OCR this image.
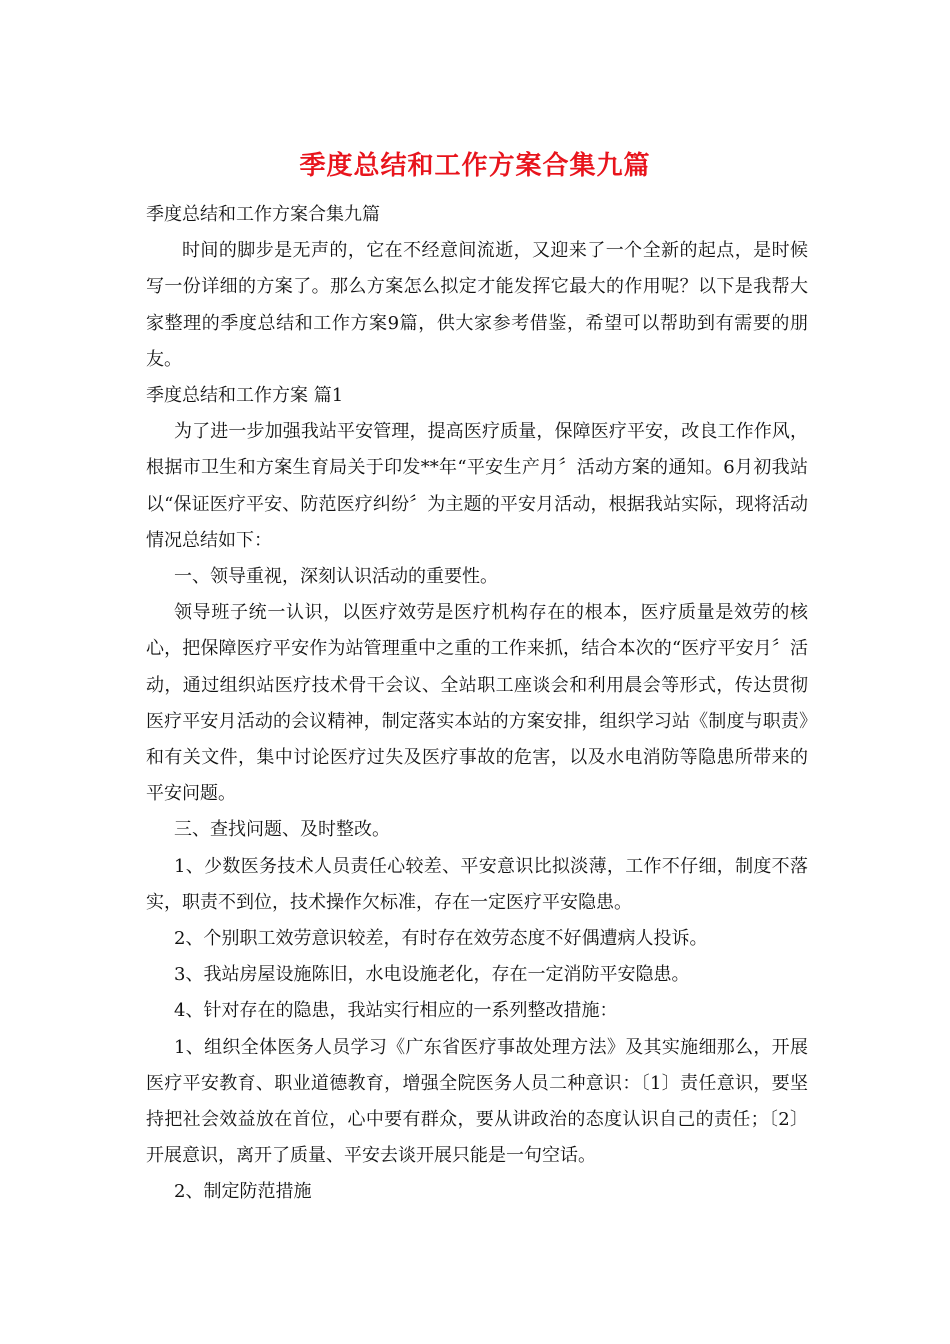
季度总结和工作方案合集九篇

季度总结和工作方案合集九篇

时间的脚步是无声的，它在不经意间流逝，又迎来了一个全新的起点，是时候写一份详细的方案了。那么方案怎么拟定才能发挥它最大的作用呢？以下是我帮大家整理的季度总结和工作方案9篇，供大家参考借鉴，希望可以帮助到有需要的朋友。

季度总结和工作方案 篇1

为了进一步加强我站平安管理，提高医疗质量，保障医疗平安，改良工作作风，根据市卫生和方案生育局关于印发**年“平安生产月〞活动方案的通知。6月初我站以“保证医疗平安、防范医疗纠纷〞为主题的平安月活动，根据我站实际，现将活动情况总结如下：

一、领导重视，深刻认识活动的重要性。

领导班子统一认识，以医疗效劳是医疗机构存在的根本，医疗质量是效劳的核心，把保障医疗平安作为站管理重中之重的工作来抓，结合本次的“医疗平安月〞活动，通过组织站医疗技术骨干会议、全站职工座谈会和利用晨会等形式，传达贯彻医疗平安月活动的会议精神，制定落实本站的方案安排，组织学习站《制度与职责》和有关文件，集中讨论医疗过失及医疗事故的危害，以及水电消防等隐患所带来的平安问题。

三、查找问题、及时整改。

1、少数医务技术人员责任心较差、平安意识比拟淡薄，工作不仔细，制度不落实，职责不到位，技术操作欠标准，存在一定医疗平安隐患。

2、个别职工效劳意识较差，有时存在效劳态度不好偶遭病人投诉。

3、我站房屋设施陈旧，水电设施老化，存在一定消防平安隐患。

4、针对存在的隐患，我站实行相应的一系列整改措施：

1、组织全体医务人员学习《广东省医疗事故处理方法》及其实施细那么，开展医疗平安教育、职业道德教育，增强全院医务人员二种意识：〔1〕责任意识，要坚持把社会效益放在首位，心中要有群众，要从讲政治的态度认识自己的责任；〔2〕开展意识，离开了质量、平安去谈开展只能是一句空话。

2、制定防范措施
